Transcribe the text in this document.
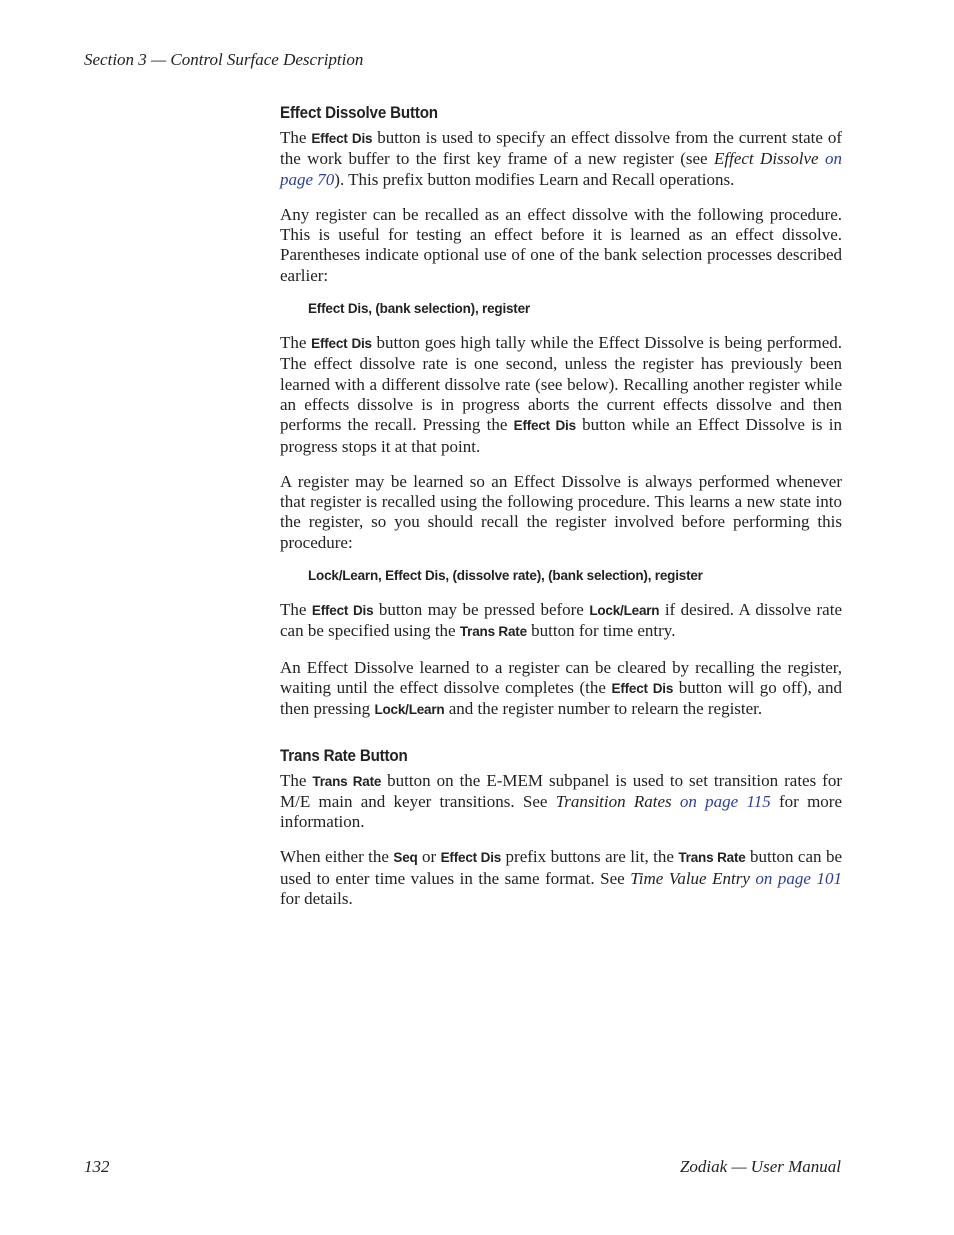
Section 3 — Control Surface Description
Effect Dissolve Button

The Effect Dis button is used to specify an effect dissolve from the current state of the work buffer to the first key frame of a new register (see Effect Dissolve on page 70). This prefix button modifies Learn and Recall operations.

Any register can be recalled as an effect dissolve with the following procedure. This is useful for testing an effect before it is learned as an effect dissolve. Parentheses indicate optional use of one of the bank selection processes described earlier:

Effect Dis, (bank selection), register

The Effect Dis button goes high tally while the Effect Dissolve is being performed. The effect dissolve rate is one second, unless the register has previously been learned with a different dissolve rate (see below). Recalling another register while an effects dissolve is in progress aborts the current effects dissolve and then performs the recall. Pressing the Effect Dis button while an Effect Dissolve is in progress stops it at that point.

A register may be learned so an Effect Dissolve is always performed whenever that register is recalled using the following procedure. This learns a new state into the register, so you should recall the register involved before performing this procedure:

Lock/Learn, Effect Dis, (dissolve rate), (bank selection), register

The Effect Dis button may be pressed before Lock/Learn if desired. A dissolve rate can be specified using the Trans Rate button for time entry.

An Effect Dissolve learned to a register can be cleared by recalling the register, waiting until the effect dissolve completes (the Effect Dis button will go off), and then pressing Lock/Learn and the register number to relearn the register.

Trans Rate Button

The Trans Rate button on the E-MEM subpanel is used to set transition rates for M/E main and keyer transitions. See Transition Rates on page 115 for more information.

When either the Seq or Effect Dis prefix buttons are lit, the Trans Rate button can be used to enter time values in the same format. See Time Value Entry on page 101 for details.

132	Zodiak — User Manual
